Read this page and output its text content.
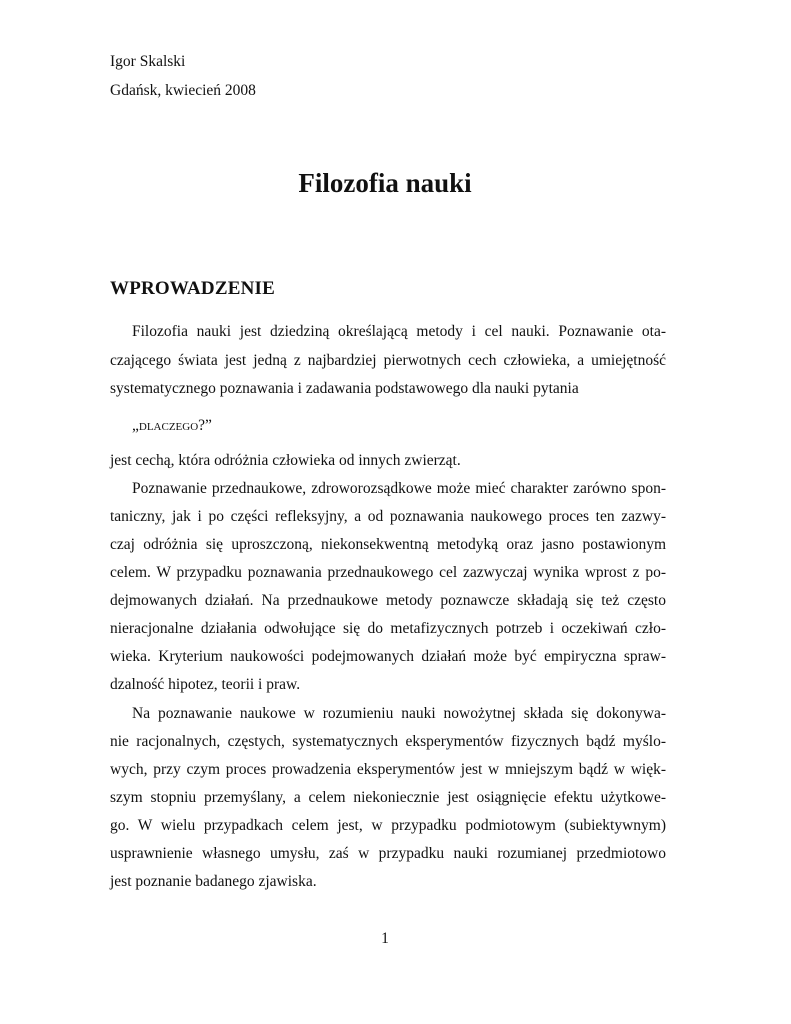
Igor Skalski
Gdańsk, kwiecień 2008
Filozofia nauki
WPROWADZENIE
Filozofia nauki jest dziedziną określającą metody i cel nauki. Poznawanie ota-
czającego świata jest jedną z najbardziej pierwotnych cech człowieka, a umiejętność
systematycznego poznawania i zadawania podstawowego dla nauki pytania
„dlaczego?”
jest cechą, która odróżnia człowieka od innych zwierząt.
Poznawanie przednaukowe, zdroworozsądkowe może mieć charakter zarówno spon-
taniczny, jak i po części refleksyjny, a od poznawania naukowego proces ten zazwy-
czaj odróżnia się uproszczoną, niekonsekwentną metodyką oraz jasno postawionym
celem. W przypadku poznawania przednaukowego cel zazwyczaj wynika wprost z po-
dejmowanych działań. Na przednaukowe metody poznawcze składają się też często
nieracjonalne działania odwołujące się do metafizycznych potrzeb i oczekiwań czło-
wieka. Kryterium naukowości podejmowanych działań może być empiryczna spraw-
dzalność hipotez, teorii i praw.
Na poznawanie naukowe w rozumieniu nauki nowożytnej składa się dokonywa-
nie racjonalnych, częstych, systematycznych eksperymentów fizycznych bądź myślo-
wych, przy czym proces prowadzenia eksperymentów jest w mniejszym bądź w więk-
szym stopniu przemyślany, a celem niekoniecznie jest osiągnięcie efektu użytkowe-
go. W wielu przypadkach celem jest, w przypadku podmiotowym (subiektywnym)
usprawnienie własnego umysłu, zaś w przypadku nauki rozumianej przedmiotowo
jest poznanie badanego zjawiska.
1
